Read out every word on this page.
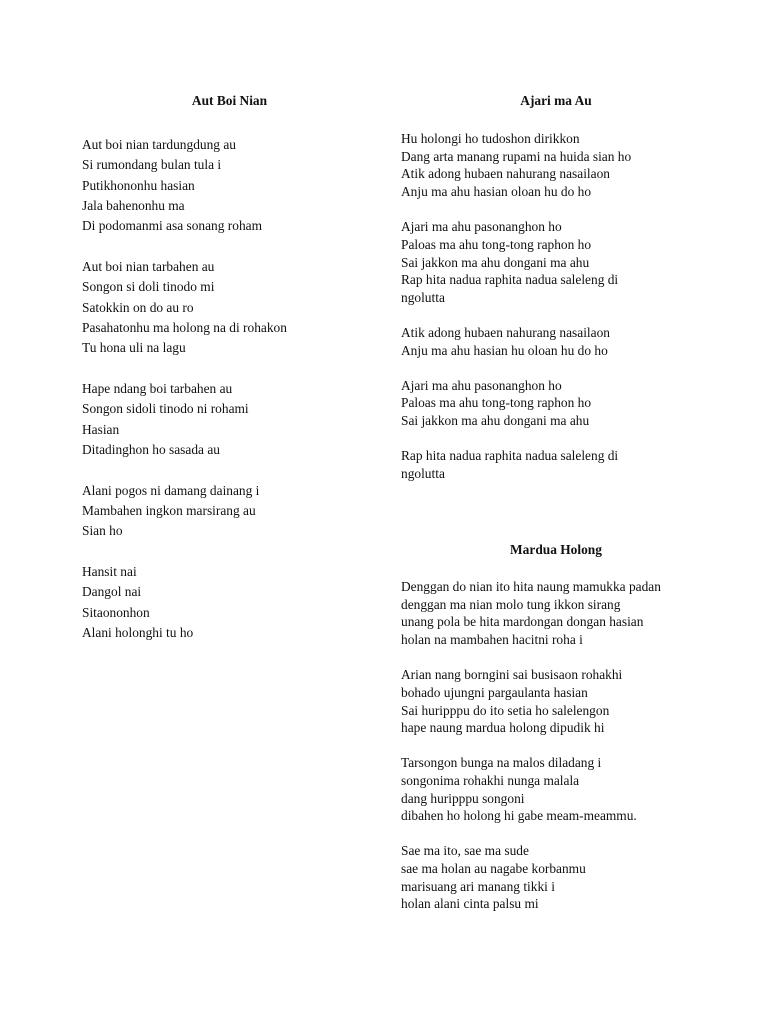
Aut Boi Nian
Aut boi nian tardungdung au
Si rumondang bulan tula i
Putikhononhu hasian
Jala bahenonhu ma
Di podomanmi asa sonang roham
Aut boi nian tarbahen au
Songon si doli tinodo mi
Satokkin on do au ro
Pasahatonhu ma holong na di rohakon
Tu hona uli na lagu
Hape ndang boi tarbahen au
Songon sidoli tinodo ni rohami
Hasian
Ditadinghon ho sasada au
Alani pogos ni damang dainang i
Mambahen ingkon marsirang au
Sian ho
Hansit nai
Dangol nai
Sitaononhon
Alani holonghi tu ho
Ajari ma Au
Hu holongi ho tudoshon dirikkon
Dang arta manang rupami na huida sian ho
Atik adong hubaen nahurang nasailaon
Anju ma ahu hasian oloan hu do ho
Ajari ma ahu pasonanghon ho
Paloas ma ahu tong-tong raphon ho
Sai jakkon ma ahu dongani ma ahu
Rap hita nadua raphita nadua saleleng di
ngolutta
Atik adong hubaen nahurang nasailaon
Anju ma ahu hasian hu oloan hu do ho
Ajari ma ahu pasonanghon ho
Paloas ma ahu tong-tong raphon ho
Sai jakkon ma ahu dongani ma ahu
Rap hita nadua raphita nadua saleleng di
ngolutta
Mardua Holong
Denggan do nian ito hita naung mamukka padan
denggan ma nian molo tung ikkon sirang
unang pola be hita mardongan dongan hasian
holan na mambahen hacitni roha i
Arian nang borngini sai busisaon rohakhi
bohado ujungni pargaulanta hasian
Sai huripppu do ito setia ho salelengon
hape naung mardua holong dipudik hi
Tarsongon bunga na malos diladang i
songonima rohakhi nunga malala
dang huripppu songoni
dibahen ho holong hi gabe meam-meammu.
Sae ma ito, sae ma sude
sae ma holan au nagabe korbanmu
marisuang ari manang tikki i
holan alani cinta palsu mi
